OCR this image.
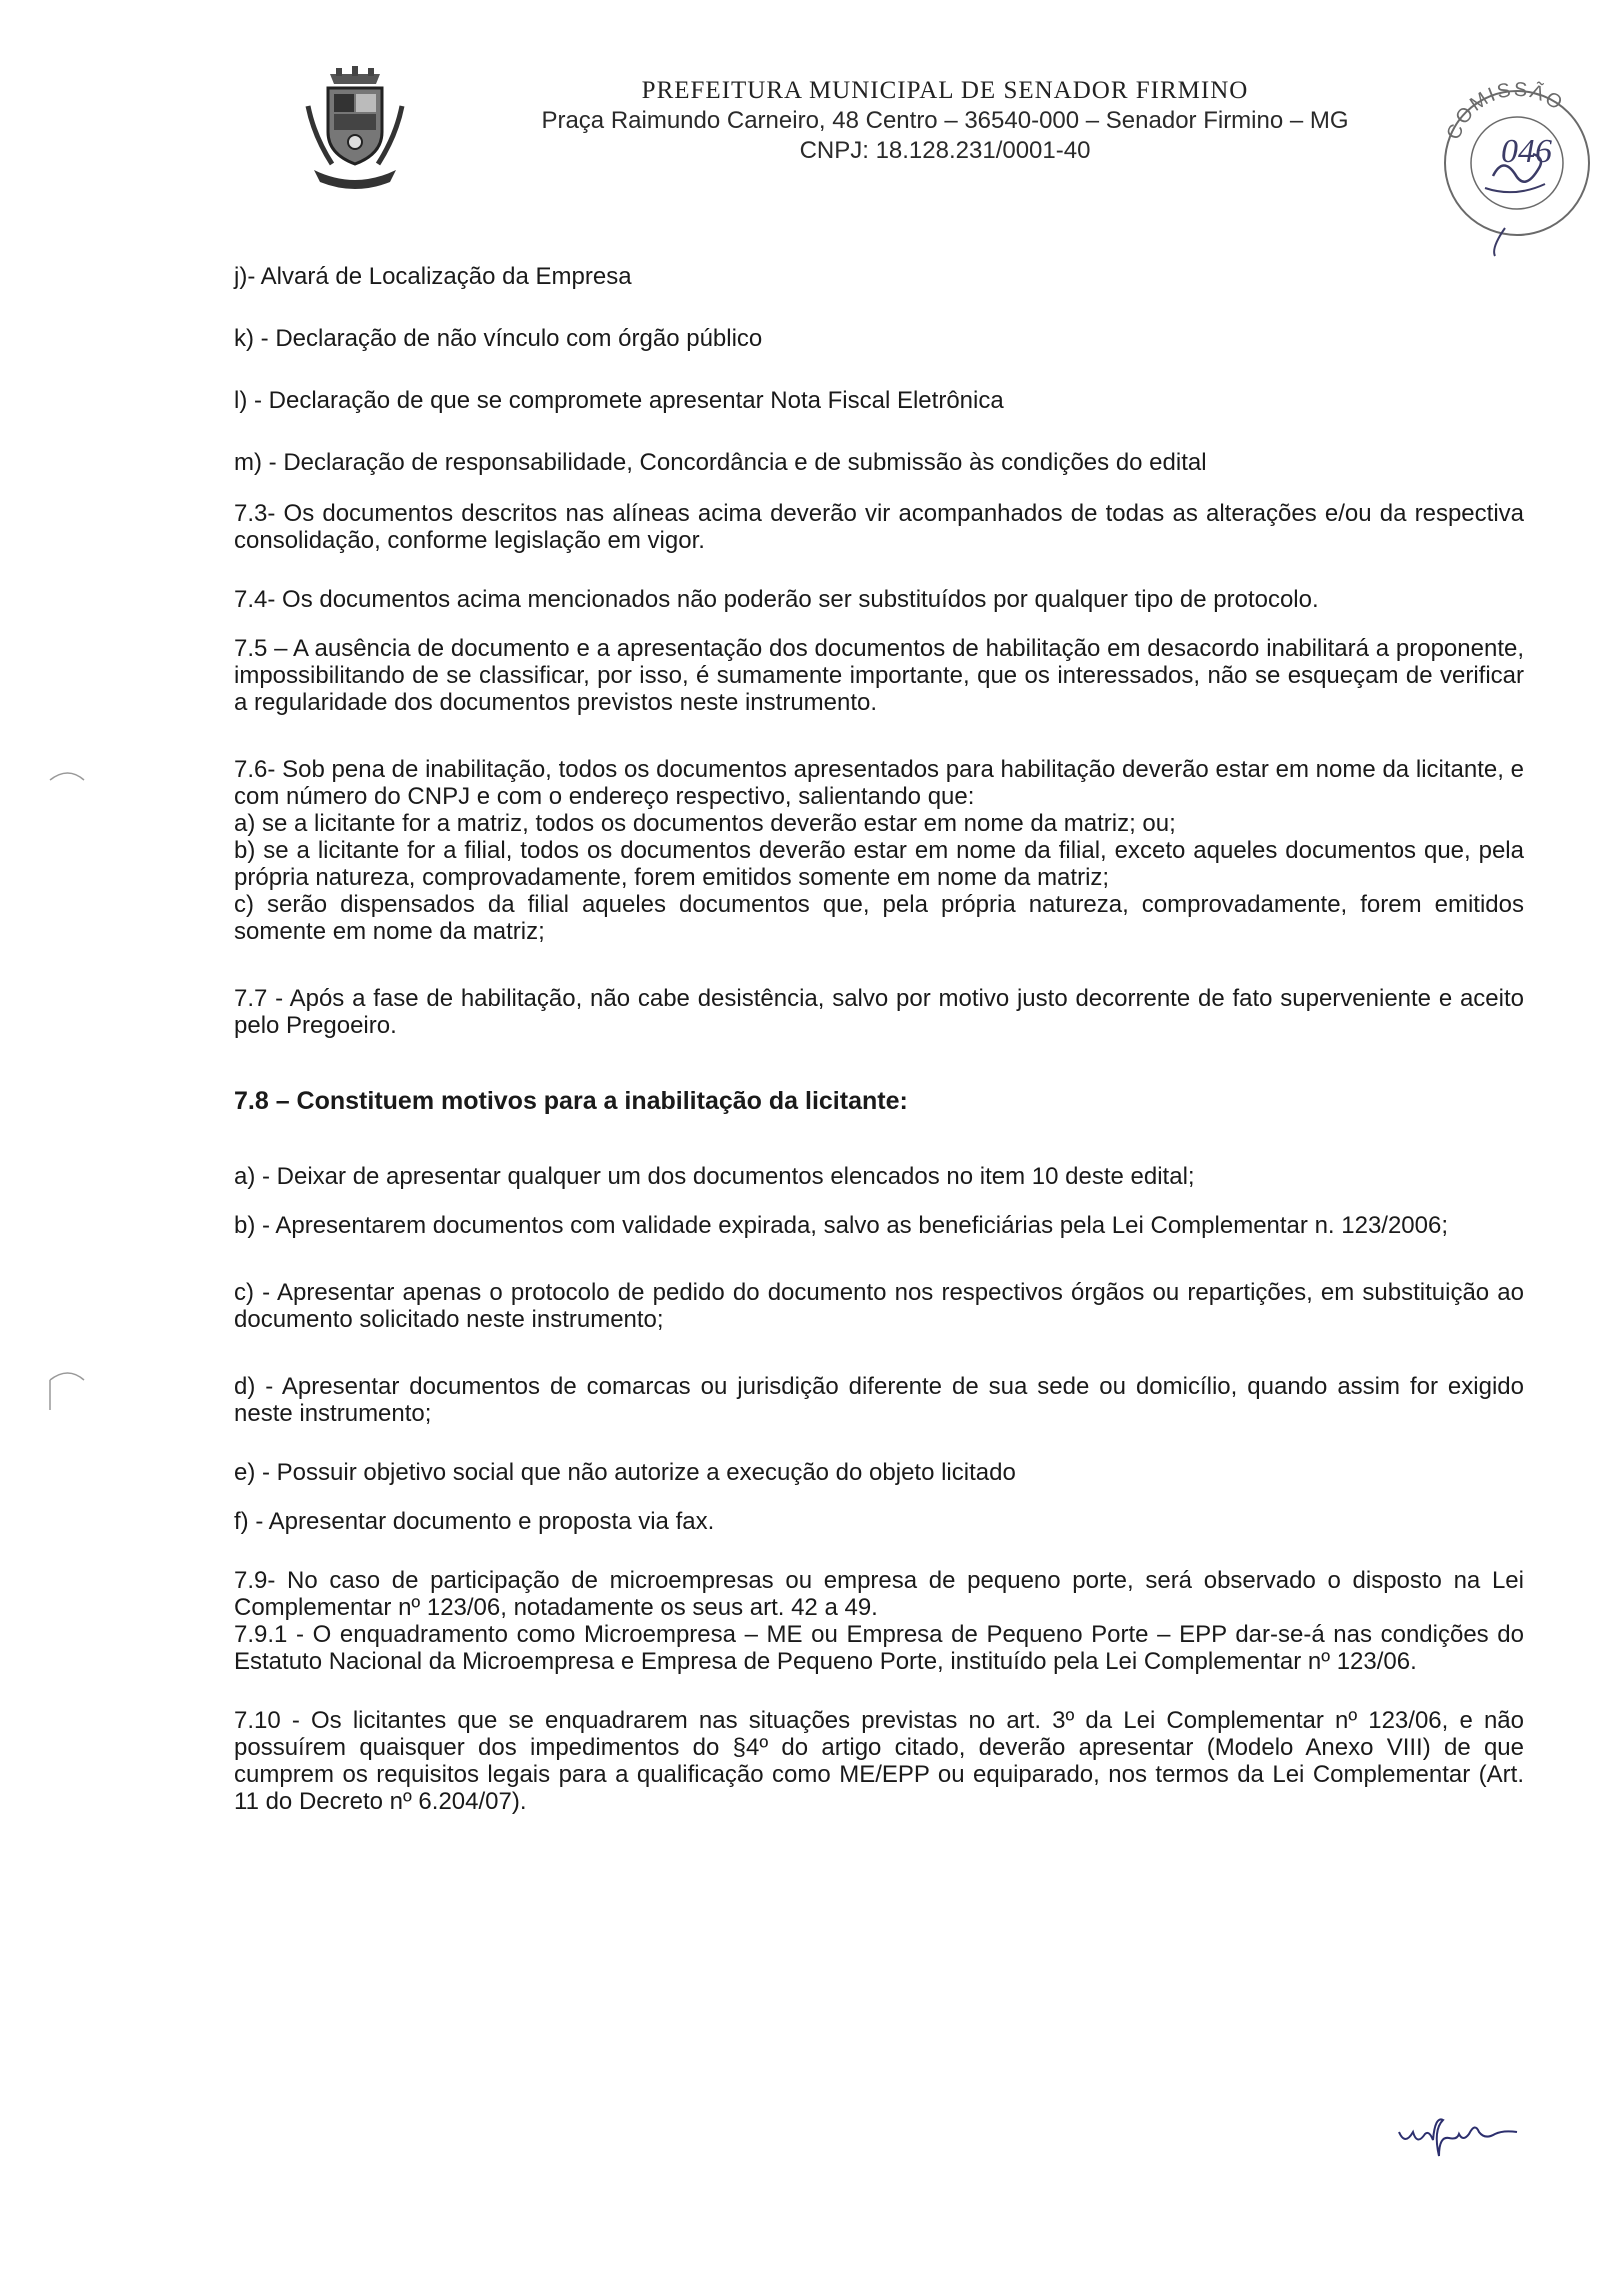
PREFEITURA MUNICIPAL DE SENADOR FIRMINO
Praça Raimundo Carneiro, 48 Centro – 36540-000 – Senador Firmino – MG
CNPJ: 18.128.231/0001-40
COMISSÃO
046

j)- Alvará de Localização da Empresa

k) - Declaração de não vínculo com órgão público

l) - Declaração de que se compromete apresentar Nota Fiscal Eletrônica

m) - Declaração de responsabilidade, Concordância e de submissão às condições do edital

7.3- Os documentos descritos nas alíneas acima deverão vir acompanhados de todas as alterações e/ou da respectiva consolidação, conforme legislação em vigor.

7.4- Os documentos acima mencionados não poderão ser substituídos por qualquer tipo de protocolo.

7.5 – A ausência de documento e a apresentação dos documentos de habilitação em desacordo inabilitará a proponente, impossibilitando de se classificar, por isso, é sumamente importante, que os interessados, não se esqueçam de verificar a regularidade dos documentos previstos neste instrumento.

7.6- Sob pena de inabilitação, todos os documentos apresentados para habilitação deverão estar em nome da licitante, e com número do CNPJ e com o endereço respectivo, salientando que:

a) se a licitante for a matriz, todos os documentos deverão estar em nome da matriz; ou;

b) se a licitante for a filial, todos os documentos deverão estar em nome da filial, exceto aqueles documentos que, pela própria natureza, comprovadamente, forem emitidos somente em nome da matriz;

c) serão dispensados da filial aqueles documentos que, pela própria natureza, comprovadamente, forem emitidos somente em nome da matriz;

7.7 - Após a fase de habilitação, não cabe desistência, salvo por motivo justo decorrente de fato superveniente e aceito pelo Pregoeiro.

7.8 – Constituem motivos para a inabilitação da licitante:

a) - Deixar de apresentar qualquer um dos documentos elencados no item 10 deste edital;

b) - Apresentarem documentos com validade expirada, salvo as beneficiárias pela Lei Complementar n. 123/2006;

c) - Apresentar apenas o protocolo de pedido do documento nos respectivos órgãos ou repartições, em substituição ao documento solicitado neste instrumento;

d) - Apresentar documentos de comarcas ou jurisdição diferente de sua sede ou domicílio, quando assim for exigido neste instrumento;

e) - Possuir objetivo social que não autorize a execução do objeto licitado

f) - Apresentar documento e proposta via fax.

7.9- No caso de participação de microempresas ou empresa de pequeno porte, será observado o disposto na Lei Complementar nº 123/06, notadamente os seus art. 42 a 49.

7.9.1 - O enquadramento como Microempresa – ME ou Empresa de Pequeno Porte – EPP dar-se-á nas condições do Estatuto Nacional da Microempresa e Empresa de Pequeno Porte, instituído pela Lei Complementar nº 123/06.

7.10 - Os licitantes que se enquadrarem nas situações previstas no art. 3º da Lei Complementar nº 123/06, e não possuírem quaisquer dos impedimentos do §4º do artigo citado, deverão apresentar (Modelo Anexo VIII) de que cumprem os requisitos legais para a qualificação como ME/EPP ou equiparado, nos termos da Lei Complementar (Art. 11 do Decreto nº 6.204/07).
